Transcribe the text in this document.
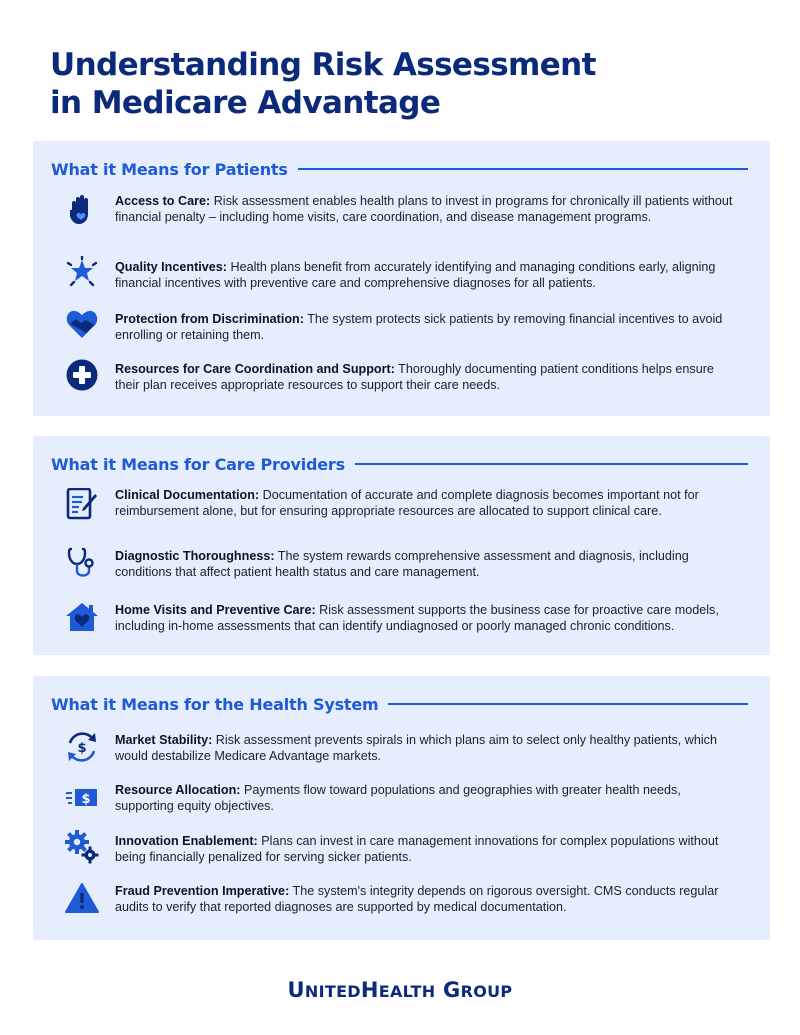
Understanding Risk Assessment
in Medicare Advantage
What it Means for Patients
Access to Care: Risk assessment enables health plans to invest in programs for chronically ill patients without financial penalty – including home visits, care coordination, and disease management programs.
Quality Incentives: Health plans benefit from accurately identifying and managing conditions early, aligning financial incentives with preventive care and comprehensive diagnoses for all patients.
Protection from Discrimination: The system protects sick patients by removing financial incentives to avoid enrolling or retaining them.
Resources for Care Coordination and Support: Thoroughly documenting patient conditions helps ensure their plan receives appropriate resources to support their care needs.
What it Means for Care Providers
Clinical Documentation: Documentation of accurate and complete diagnosis becomes important not for reimbursement alone, but for ensuring appropriate resources are allocated to support clinical care.
Diagnostic Thoroughness: The system rewards comprehensive assessment and diagnosis, including conditions that affect patient health status and care management.
Home Visits and Preventive Care: Risk assessment supports the business case for proactive care models, including in-home assessments that can identify undiagnosed or poorly managed chronic conditions.
What it Means for the Health System
$
Market Stability: Risk assessment prevents spirals in which plans aim to select only healthy patients, which would destabilize Medicare Advantage markets.
$
Resource Allocation: Payments flow toward populations and geographies with greater health needs, supporting equity objectives.
Innovation Enablement: Plans can invest in care management innovations for complex populations without being financially penalized for serving sicker patients.
Fraud Prevention Imperative: The system's integrity depends on rigorous oversight. CMS conducts regular audits to verify that reported diagnoses are supported by medical documentation.
UNITEDHEALTH GROUP
